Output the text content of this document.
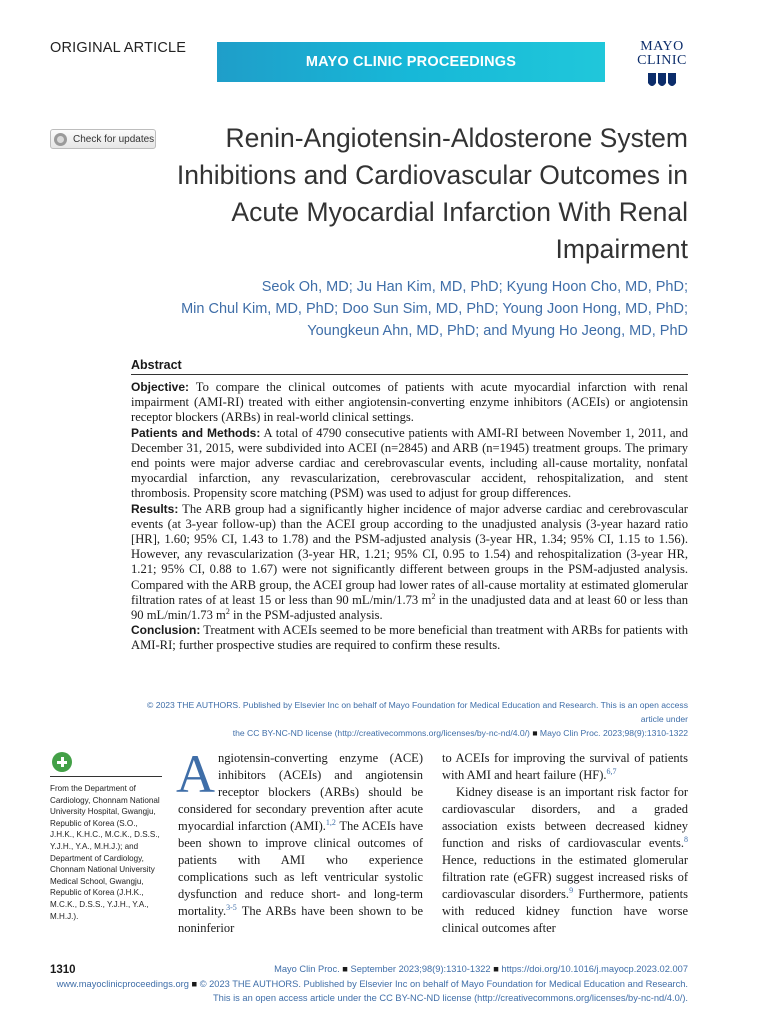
ORIGINAL ARTICLE
MAYO CLINIC PROCEEDINGS
MAYO
CLINIC
Check for updates	Renin-Angiotensin-Aldosterone System
Inhibitions and Cardiovascular Outcomes in
Acute Myocardial Infarction With Renal
Impairment
Seok Oh, MD; Ju Han Kim, MD, PhD; Kyung Hoon Cho, MD, PhD;
Min Chul Kim, MD, PhD; Doo Sun Sim, MD, PhD; Young Joon Hong, MD, PhD;
Youngkeun Ahn, MD, PhD; and Myung Ho Jeong, MD, PhD
Abstract

Objective: To compare the clinical outcomes of patients with acute myocardial infarction with renal impairment (AMI-RI) treated with either angiotensin-converting enzyme inhibitors (ACEIs) or angiotensin receptor blockers (ARBs) in real-world clinical settings.

Patients and Methods: A total of 4790 consecutive patients with AMI-RI between November 1, 2011, and December 31, 2015, were subdivided into ACEI (n=2845) and ARB (n=1945) treatment groups. The primary end points were major adverse cardiac and cerebrovascular events, including all-cause mortality, nonfatal myocardial infarction, any revascularization, cerebrovascular accident, rehospitalization, and stent thrombosis. Propensity score matching (PSM) was used to adjust for group differences.

Results: The ARB group had a significantly higher incidence of major adverse cardiac and cerebrovascular events (at 3-year follow-up) than the ACEI group according to the unadjusted analysis (3-year hazard ratio [HR], 1.60; 95% CI, 1.43 to 1.78) and the PSM-adjusted analysis (3-year HR, 1.34; 95% CI, 1.15 to 1.56). However, any revascularization (3-year HR, 1.21; 95% CI, 0.95 to 1.54) and rehospitalization (3-year HR, 1.21; 95% CI, 0.88 to 1.67) were not significantly different between groups in the PSM-adjusted analysis. Compared with the ARB group, the ACEI group had lower rates of all-cause mortality at estimated glomerular filtration rates of at least 15 or less than 90 mL/min/1.73 $m^2$ in the unadjusted data and at least 60 or less than 90 mL/min/1.73 $m^2$ in the PSM-adjusted analysis.

Conclusion: Treatment with ACEIs seemed to be more beneficial than treatment with ARBs for patients with AMI-RI; further prospective studies are required to confirm these results.

© 2023 THE AUTHORS. Published by Elsevier Inc on behalf of Mayo Foundation for Medical Education and Research. This is an open access article under
the CC BY-NC-ND license (http://creativecommons.org/licenses/by-nc-nd/4.0/) ■ Mayo Clin Proc. 2023;98(9):1310-1322
From the Department of Cardiology, Chonnam National University Hospital, Gwangju, Republic of Korea (S.O., J.H.K., K.H.C., M.C.K., D.S.S., Y.J.H., Y.A., M.H.J.); and Department of Cardiology, Chonnam National University Medical School, Gwangju, Republic of Korea (J.H.K., M.C.K., D.S.S., Y.J.H., Y.A., M.H.J.).

Angiotensin-converting enzyme (ACE) inhibitors (ACEIs) and angiotensin receptor blockers (ARBs) should be considered for secondary prevention after acute myocardial infarction (AMI).$^{1,2}$ The ACEIs have been shown to improve clinical outcomes of patients with AMI who experience complications such as left ventricular systolic dysfunction and reduce short- and long-term mortality.$^{3-5}$ The ARBs have been shown to be noninferior

to ACEIs for improving the survival of patients with AMI and heart failure (HF).$^{6,7}$

Kidney disease is an important risk factor for cardiovascular disorders, and a graded association exists between decreased kidney function and risks of cardiovascular events.$^8$ Hence, reductions in the estimated glomerular filtration rate (eGFR) suggest increased risks of cardiovascular disorders.$^9$ Furthermore, patients with reduced kidney function have worse clinical outcomes after

1310	Mayo Clin Proc. ■ September 2023;98(9):1310-1322 ■ https://doi.org/10.1016/j.mayocp.2023.02.007
www.mayoclinicproceedings.org ■ © 2023 THE AUTHORS. Published by Elsevier Inc on behalf of Mayo Foundation for Medical Education and Research.
This is an open access article under the CC BY-NC-ND license (http://creativecommons.org/licenses/by-nc-nd/4.0/).
